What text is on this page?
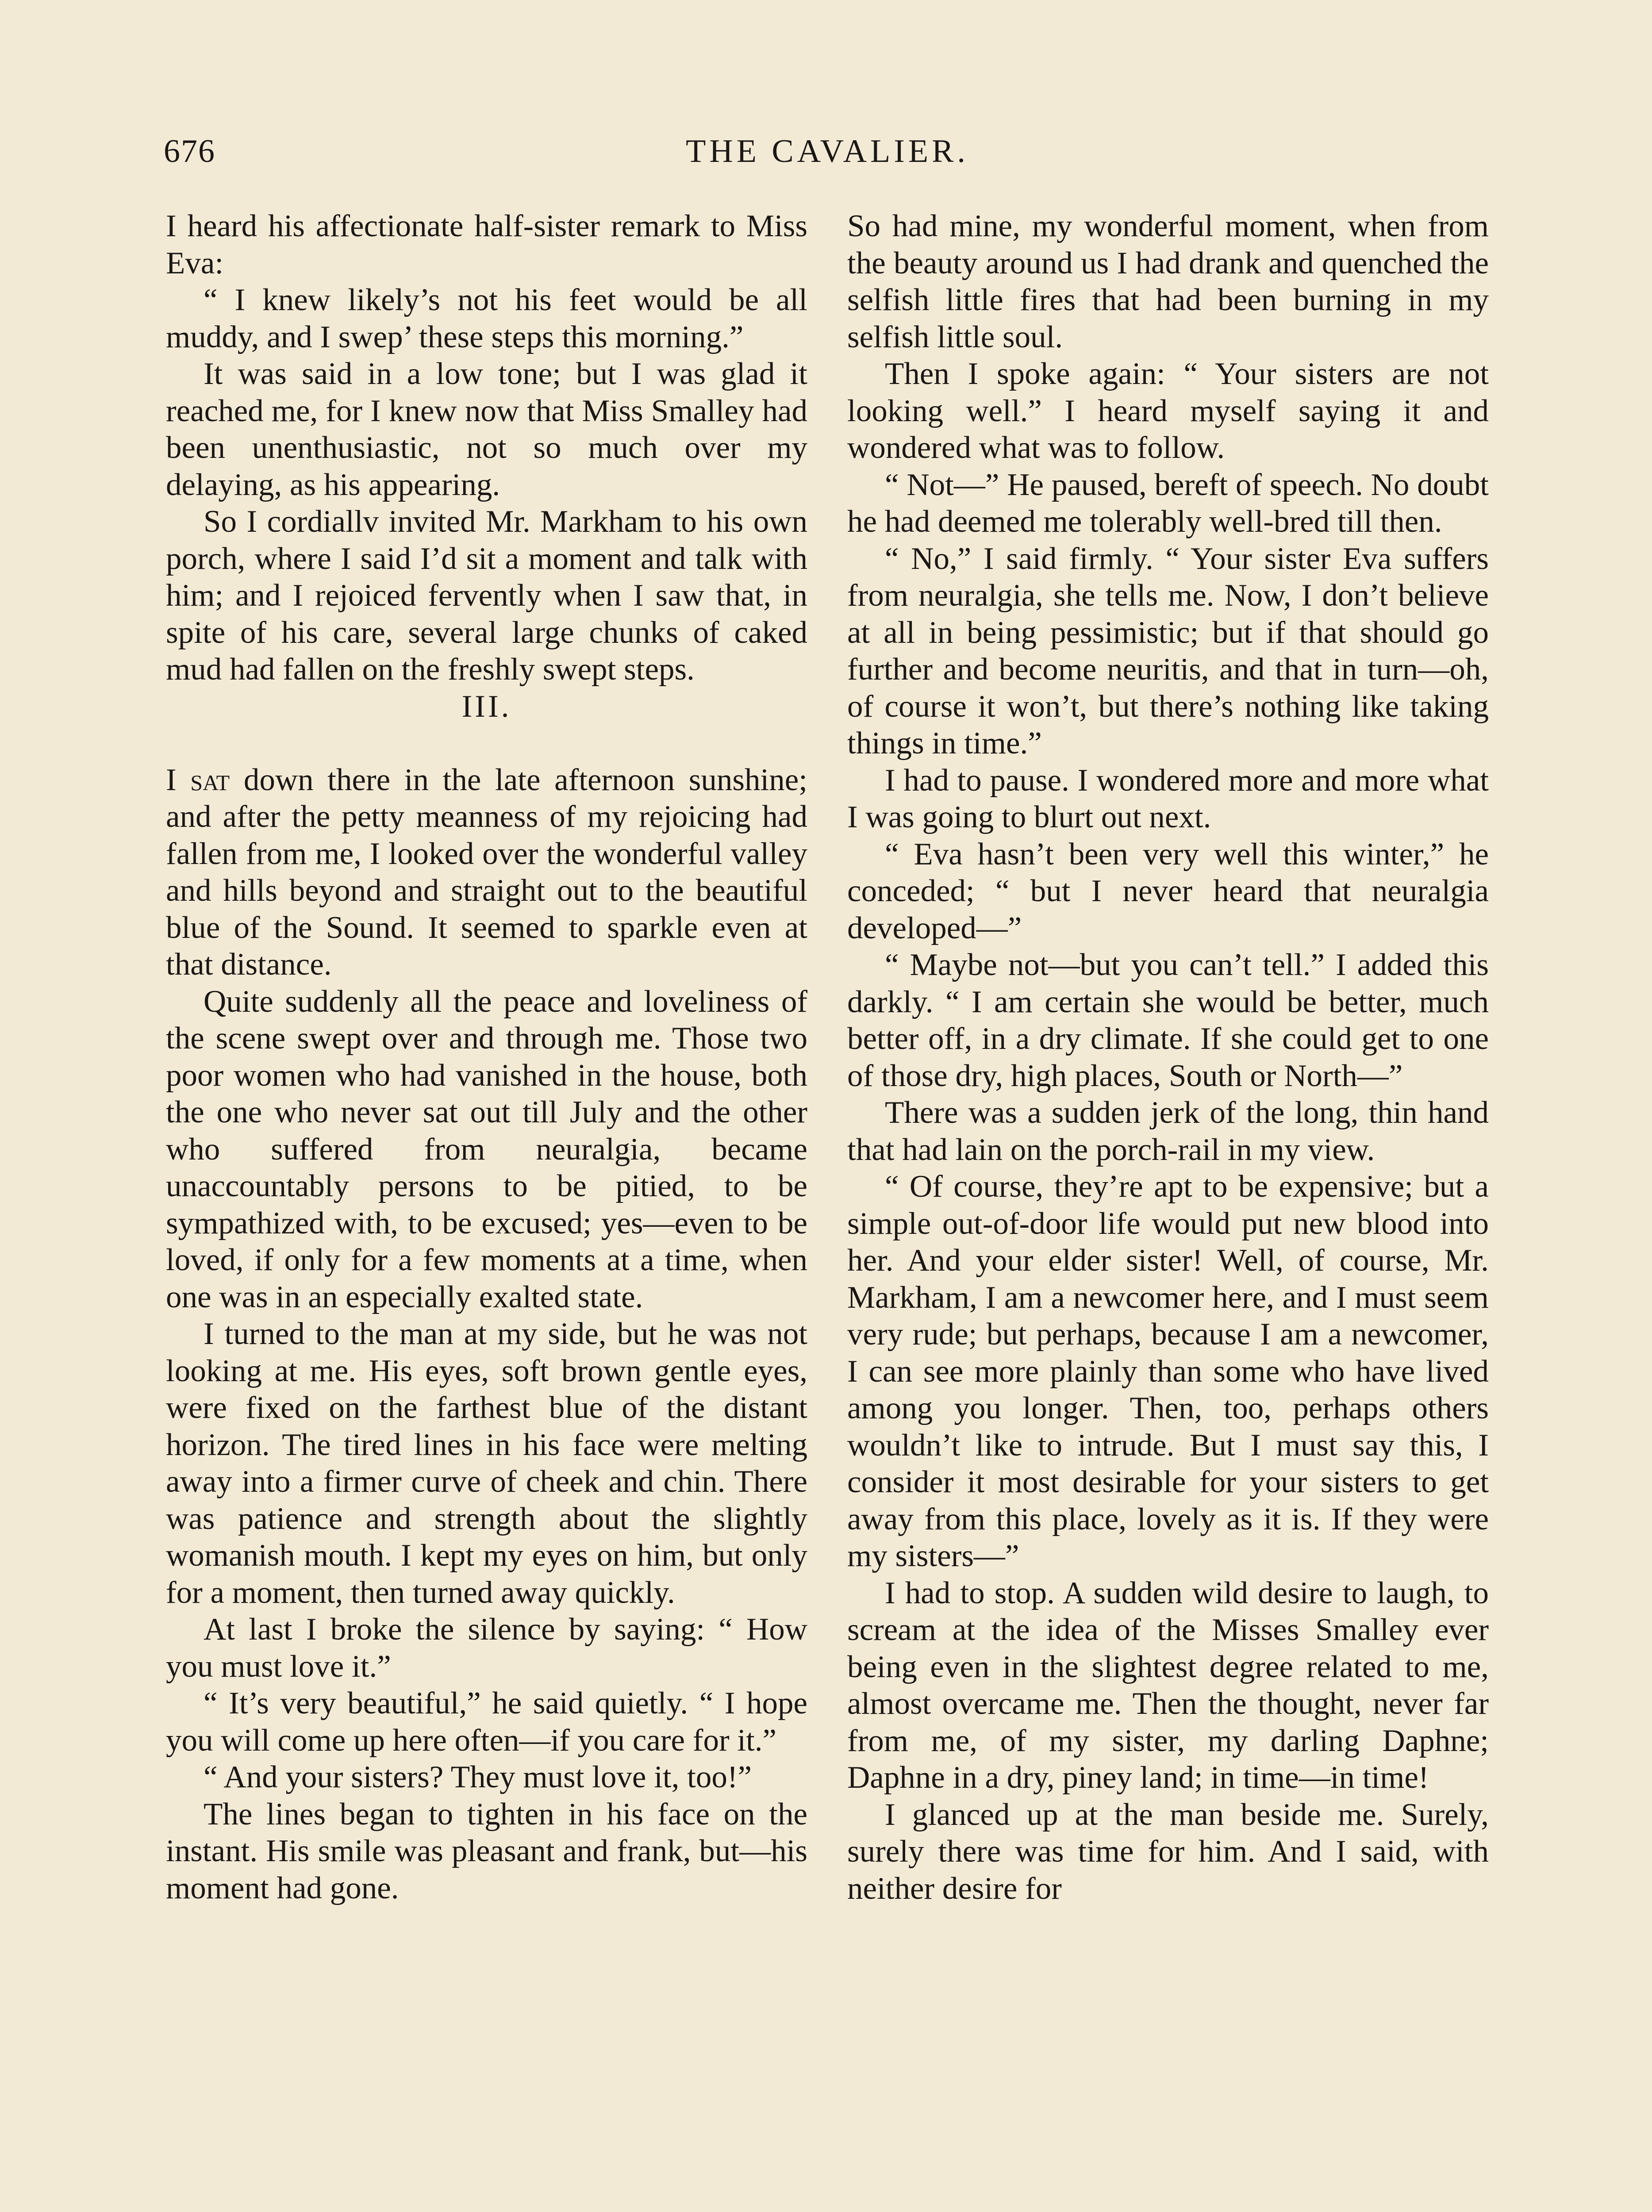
676	THE CAVALIER.

I heard his affectionate half-sister remark to Miss Eva:

“ I knew likely’s not his feet would be all muddy, and I swep’ these steps this morning.”

It was said in a low tone; but I was glad it reached me, for I knew now that Miss Smalley had been unenthusiastic, not so much over my delaying, as his appearing.

So I cordiallv invited Mr. Markham to his own porch, where I said I’d sit a moment and talk with him; and I rejoiced fervently when I saw that, in spite of his care, several large chunks of caked mud had fallen on the freshly swept steps.

III.

I sat down there in the late afternoon sunshine; and after the petty meanness of my rejoicing had fallen from me, I looked over the wonderful valley and hills beyond and straight out to the beautiful blue of the Sound. It seemed to sparkle even at that distance.

Quite suddenly all the peace and loveliness of the scene swept over and through me. Those two poor women who had vanished in the house, both the one who never sat out till July and the other who suffered from neuralgia, became unaccountably persons to be pitied, to be sympathized with, to be excused; yes—even to be loved, if only for a few moments at a time, when one was in an especially exalted state.

I turned to the man at my side, but he was not looking at me. His eyes, soft brown gentle eyes, were fixed on the farthest blue of the distant horizon. The tired lines in his face were melting away into a firmer curve of cheek and chin. There was patience and strength about the slightly womanish mouth. I kept my eyes on him, but only for a moment, then turned away quickly.

At last I broke the silence by saying: “ How you must love it.”

“ It’s very beautiful,” he said quietly. “ I hope you will come up here often—if you care for it.”

“ And your sisters? They must love it, too!”

The lines began to tighten in his face on the instant. His smile was pleasant and frank, but—his moment had gone.

So had mine, my wonderful moment, when from the beauty around us I had drank and quenched the selfish little fires that had been burning in my selfish little soul.

Then I spoke again: “ Your sisters are not looking well.” I heard myself saying it and wondered what was to follow.

“ Not—” He paused, bereft of speech. No doubt he had deemed me tolerably well-bred till then.

“ No,” I said firmly. “ Your sister Eva suffers from neuralgia, she tells me. Now, I don’t believe at all in being pessimistic; but if that should go further and become neuritis, and that in turn—oh, of course it won’t, but there’s nothing like taking things in time.”

I had to pause. I wondered more and more what I was going to blurt out next.

“ Eva hasn’t been very well this winter,” he conceded; “ but I never heard that neuralgia developed—”

“ Maybe not—but you can’t tell.” I added this darkly. “ I am certain she would be better, much better off, in a dry climate. If she could get to one of those dry, high places, South or North—”

There was a sudden jerk of the long, thin hand that had lain on the porch-rail in my view.

“ Of course, they’re apt to be expensive; but a simple out-of-door life would put new blood into her. And your elder sister! Well, of course, Mr. Markham, I am a newcomer here, and I must seem very rude; but perhaps, because I am a newcomer, I can see more plainly than some who have lived among you longer. Then, too, perhaps others wouldn’t like to intrude. But I must say this, I consider it most desirable for your sisters to get away from this place, lovely as it is. If they were my sisters—”

I had to stop. A sudden wild desire to laugh, to scream at the idea of the Misses Smalley ever being even in the slightest degree related to me, almost overcame me. Then the thought, never far from me, of my sister, my darling Daphne; Daphne in a dry, piney land; in time—in time!

I glanced up at the man beside me. Surely, surely there was time for him. And I said, with neither desire for
